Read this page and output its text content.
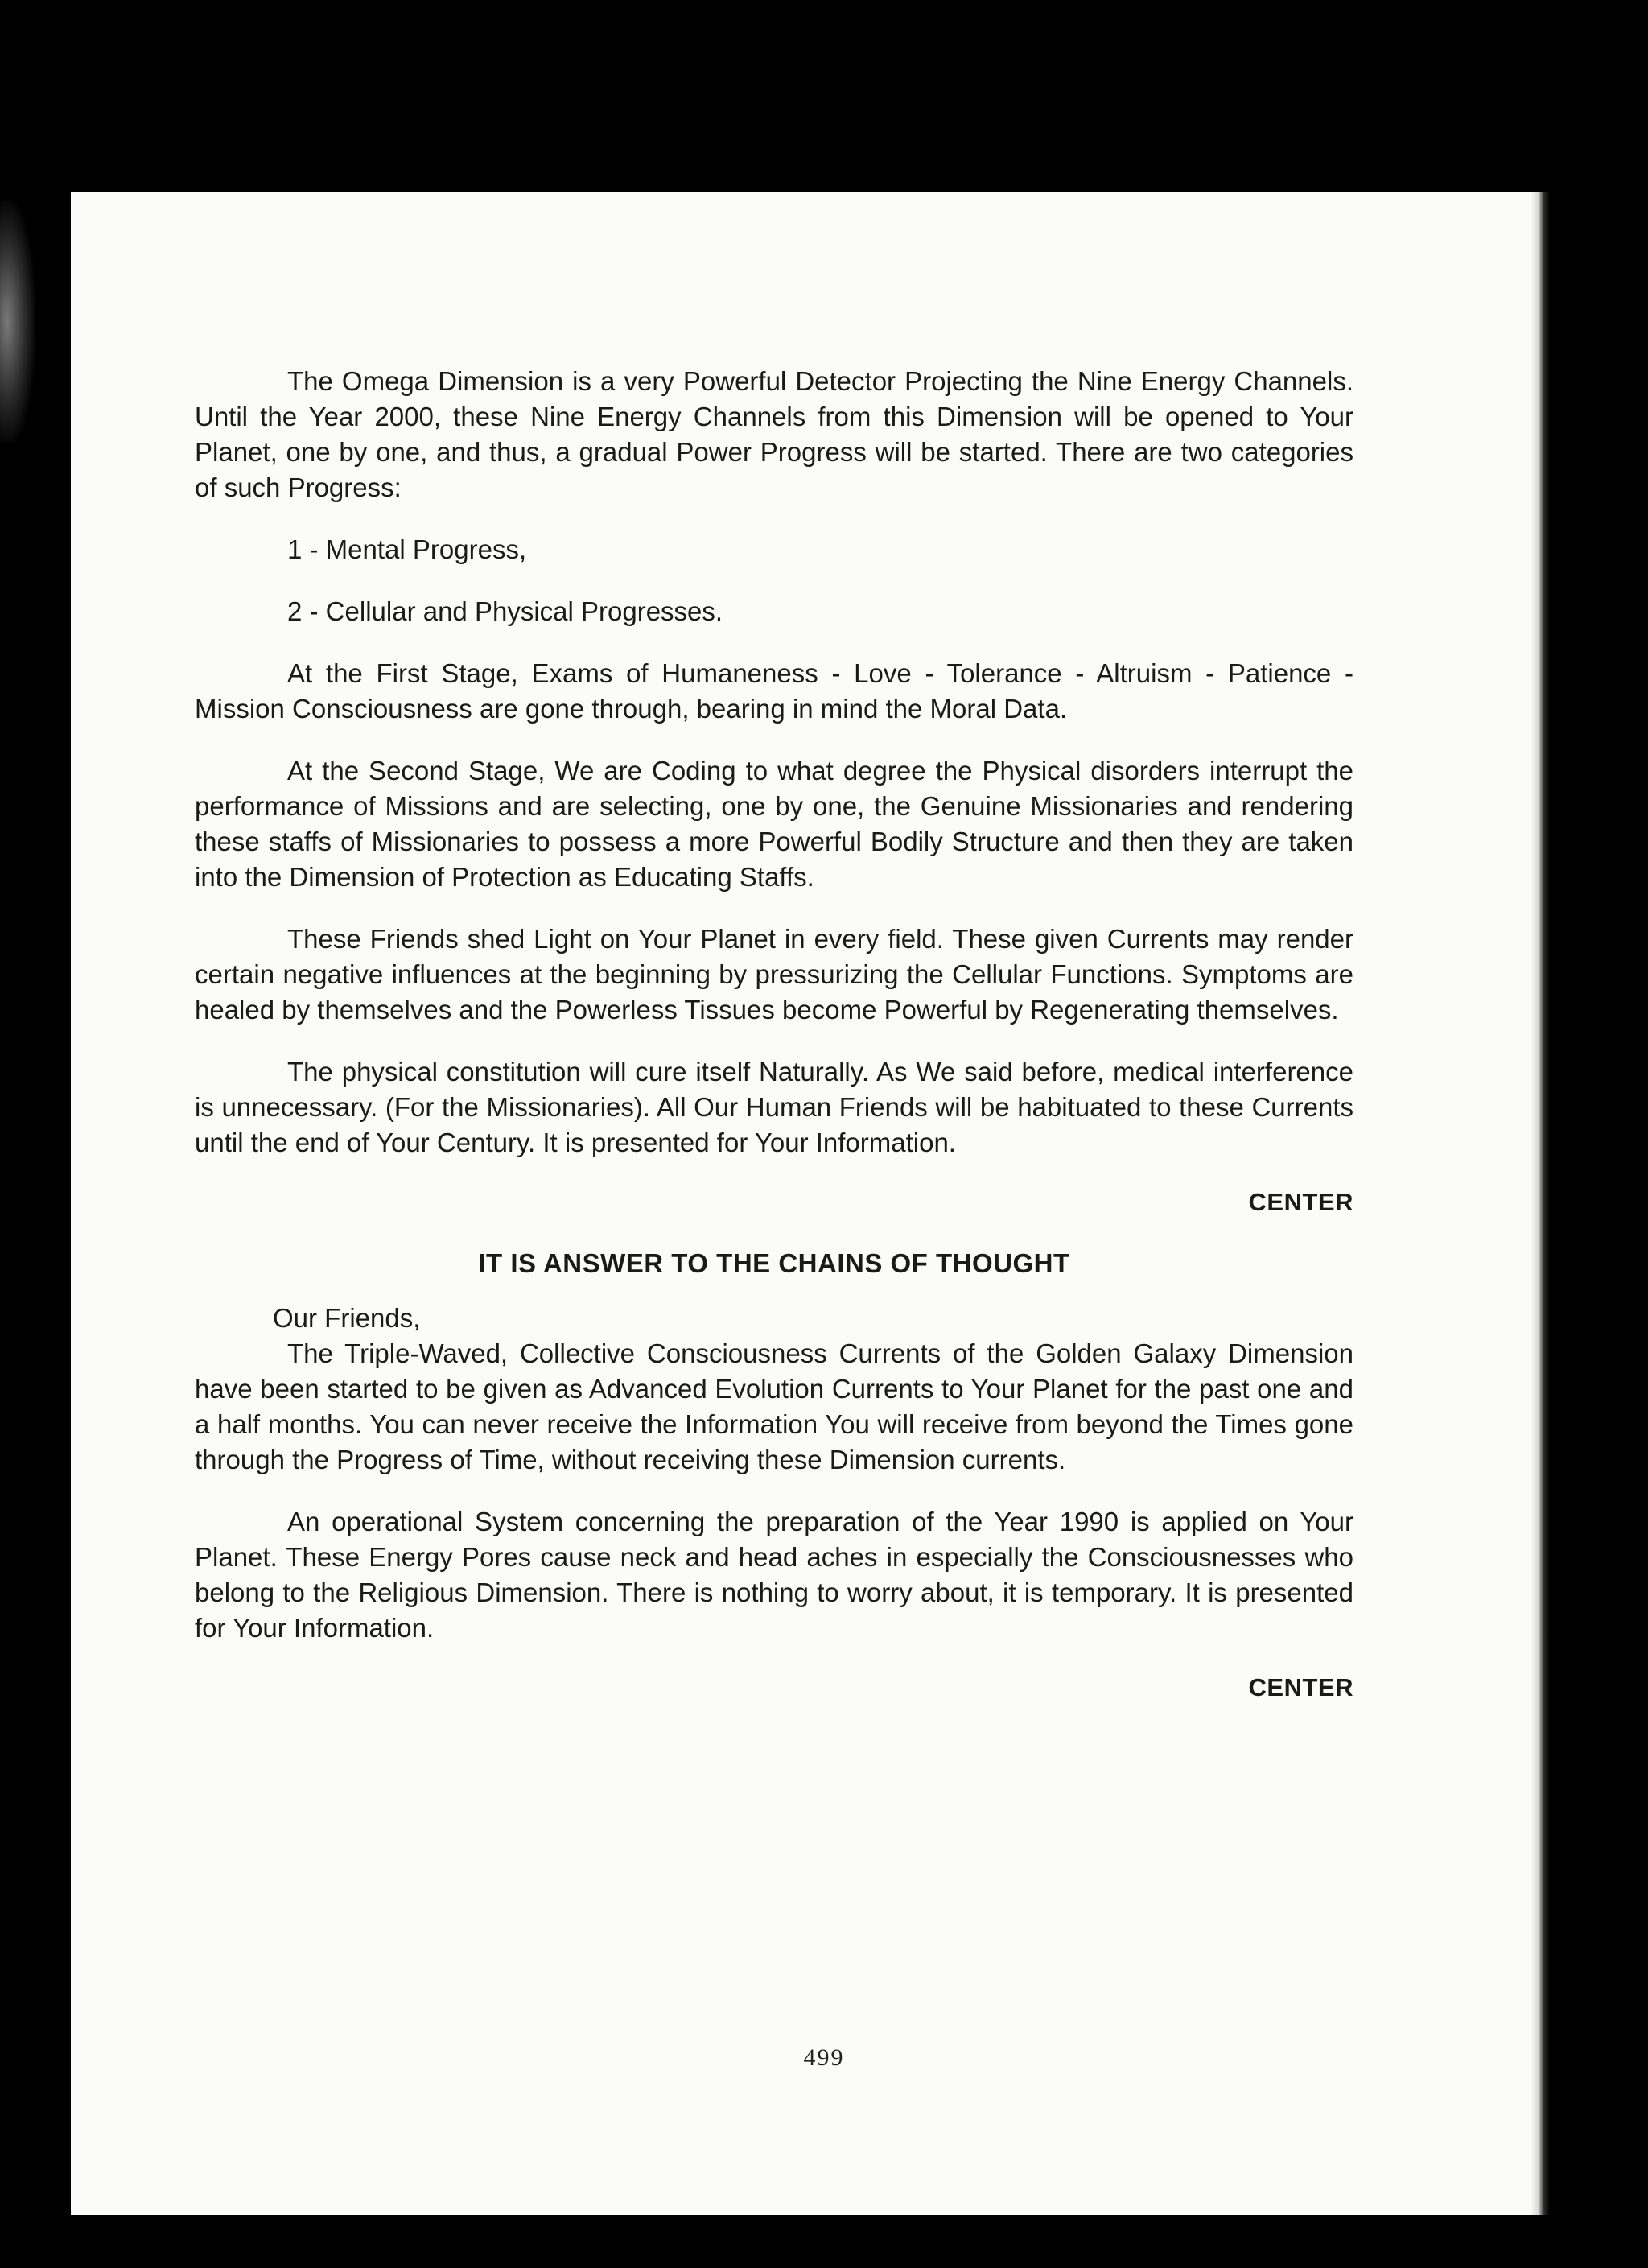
The Omega Dimension is a very Powerful Detector Projecting the Nine Energy Channels. Until the Year 2000, these Nine Energy Channels from this Dimension will be opened to Your Planet, one by one, and thus, a gradual Power Progress will be started. There are two categories of such Progress:

1 - Mental Progress,

2 - Cellular and Physical Progresses.

At the First Stage, Exams of Humaneness - Love - Tolerance - Altruism - Patience - Mission Consciousness are gone through, bearing in mind the Moral Data.

At the Second Stage, We are Coding to what degree the Physical disorders interrupt the performance of Missions and are selecting, one by one, the Genuine Missionaries and rendering these staffs of Missionaries to possess a more Powerful Bodily Structure and then they are taken into the Dimension of Protection as Educating Staffs.

These Friends shed Light on Your Planet in every field. These given Currents may render certain negative influences at the beginning by pressurizing the Cellular Functions. Symptoms are healed by themselves and the Powerless Tissues become Powerful by Regenerating themselves.

The physical constitution will cure itself Naturally. As We said before, medical interference is unnecessary. (For the Missionaries). All Our Human Friends will be habituated to these Currents until the end of Your Century. It is presented for Your Information.

CENTER

IT IS ANSWER TO THE CHAINS OF THOUGHT

Our Friends,

The Triple-Waved, Collective Consciousness Currents of the Golden Galaxy Dimension have been started to be given as Advanced Evolution Currents to Your Planet for the past one and a half months. You can never receive the Information You will receive from beyond the Times gone through the Progress of Time, without receiving these Dimension currents.

An operational System concerning the preparation of the Year 1990 is applied on Your Planet. These Energy Pores cause neck and head aches in especially the Consciousnesses who belong to the Religious Dimension. There is nothing to worry about, it is temporary. It is presented for Your Information.

CENTER

499
